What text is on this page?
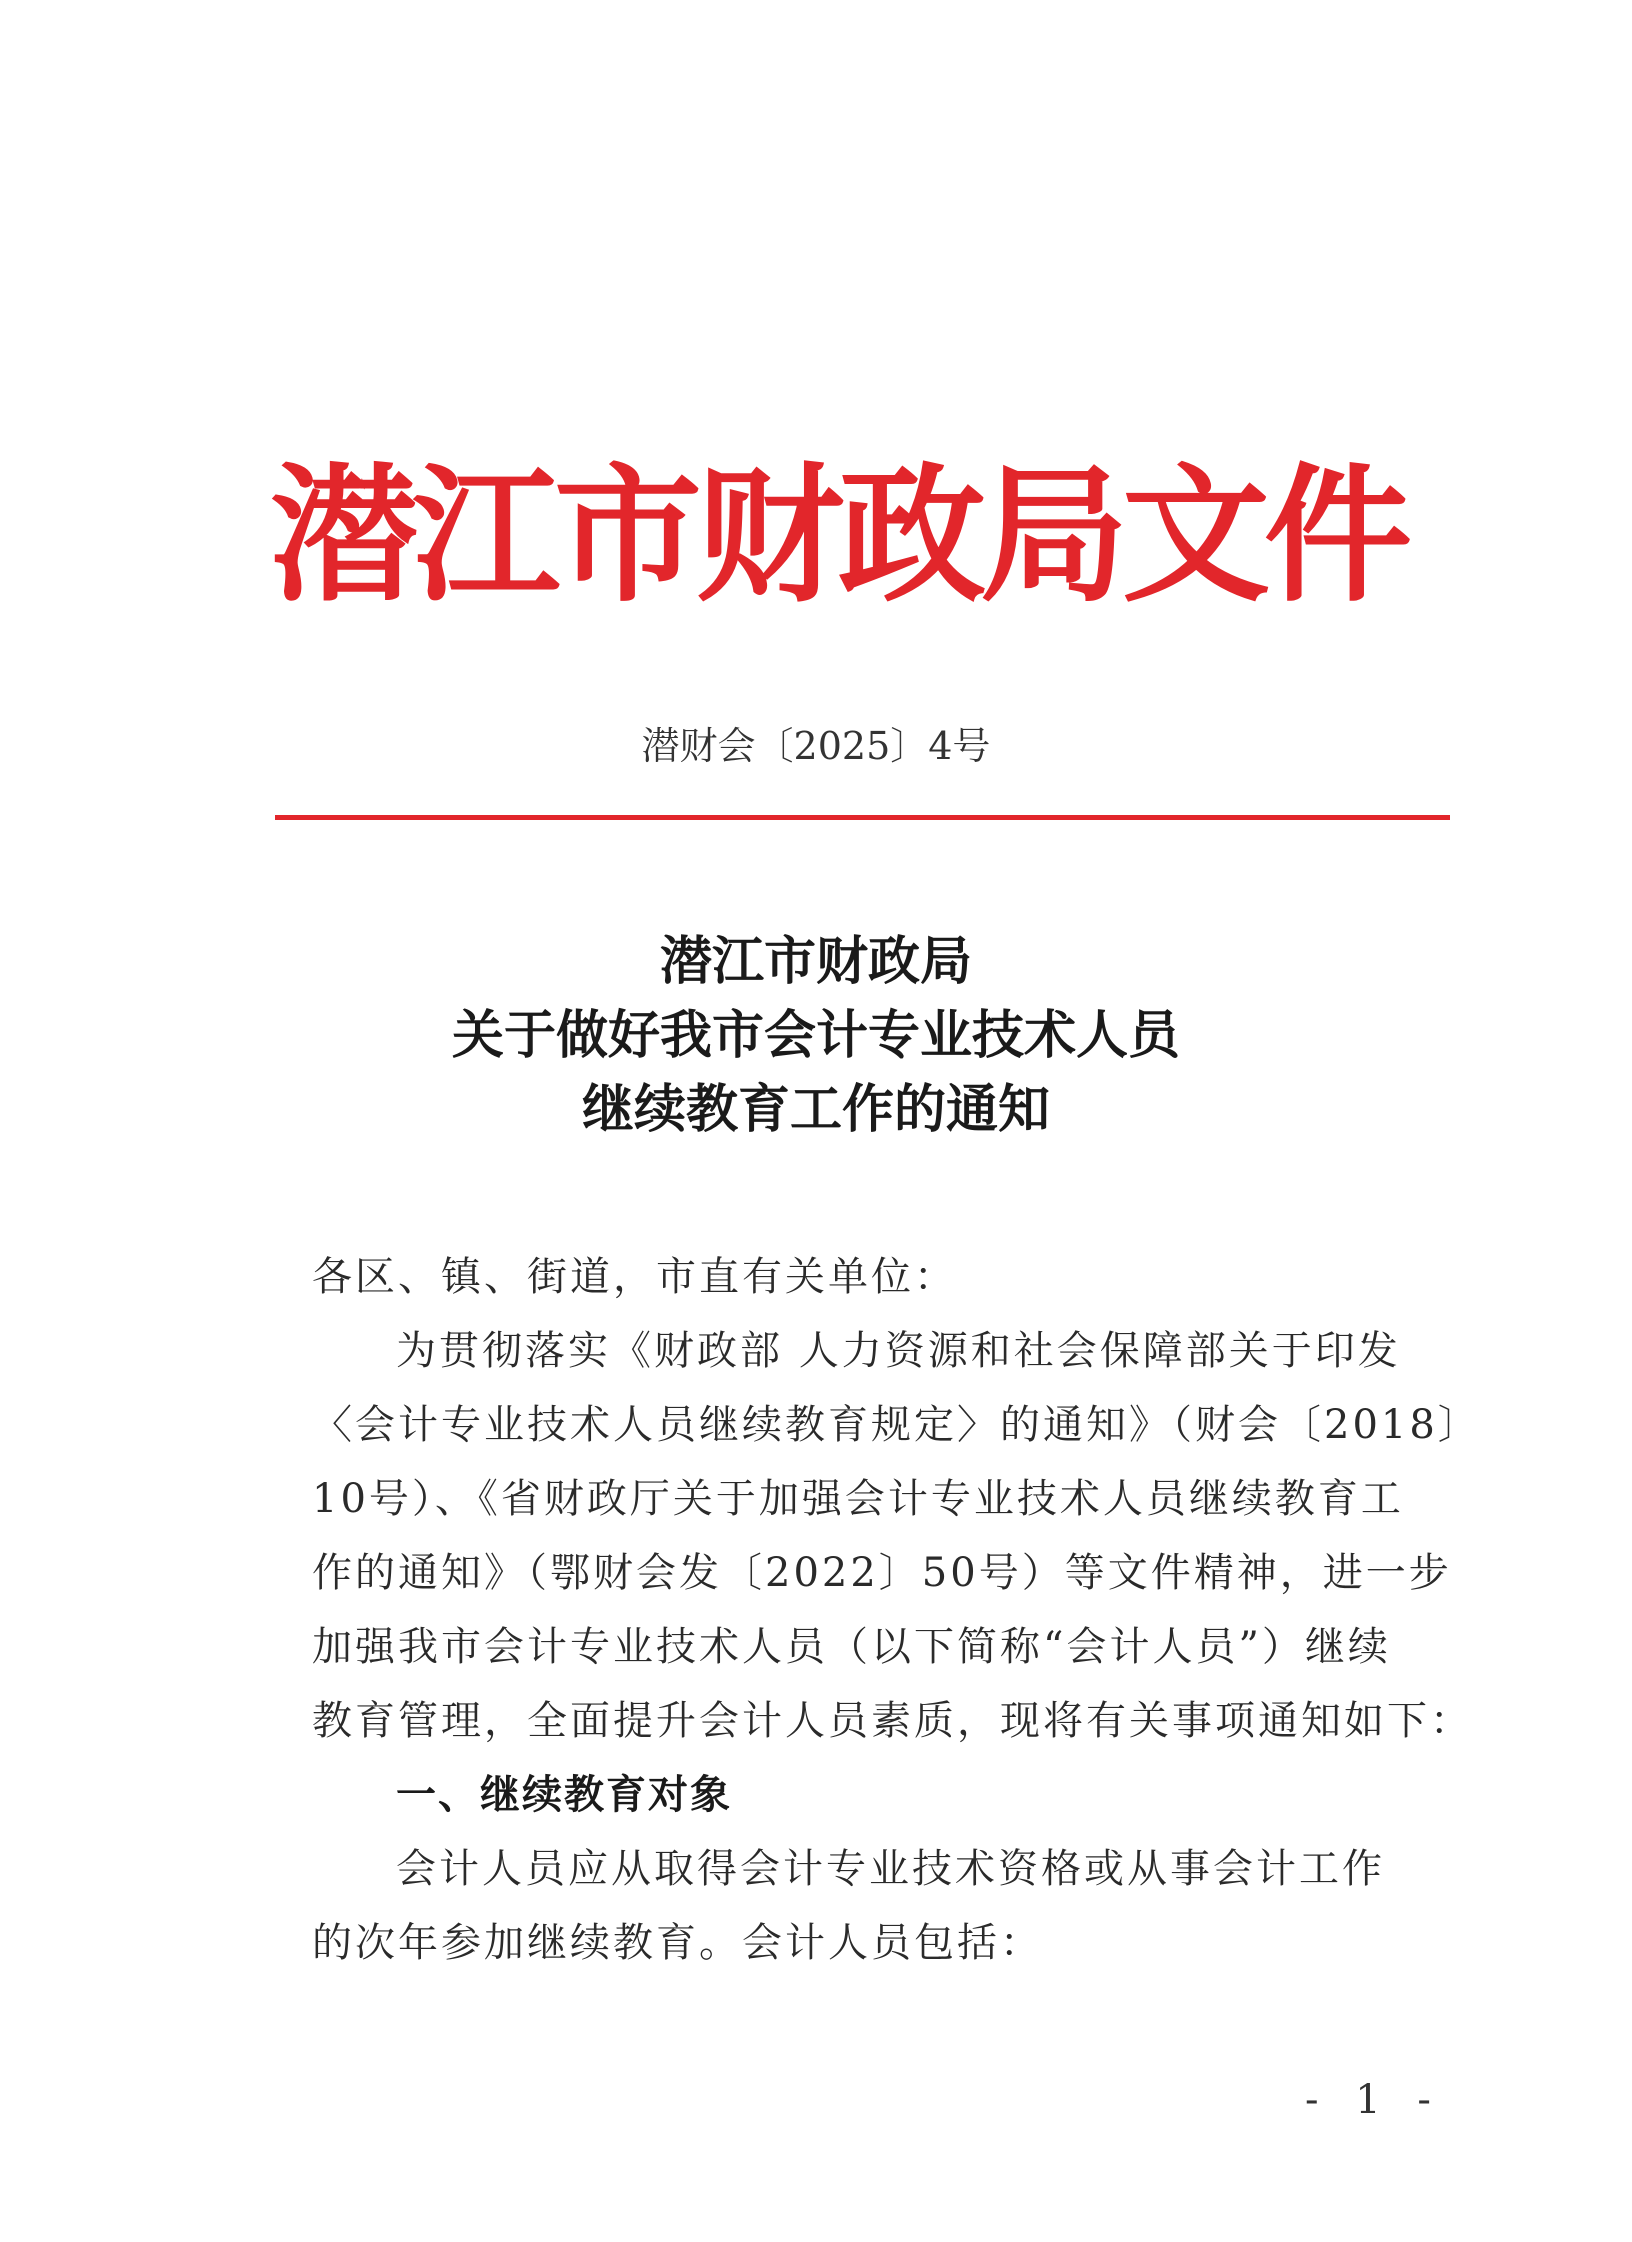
潜江市财政局文件
潜财会〔2025〕4号
潜江市财政局
关于做好我市会计专业技术人员
继续教育工作的通知
各区、镇、街道，市直有关单位：
为贯彻落实《财政部 人力资源和社会保障部关于印发
〈会计专业技术人员继续教育规定〉的通知》（财会〔2018〕
10号）、《省财政厅关于加强会计专业技术人员继续教育工
作的通知》（鄂财会发〔2022〕50号）等文件精神，进一步
加强我市会计专业技术人员（以下简称“会计人员”）继续
教育管理，全面提升会计人员素质，现将有关事项通知如下：
一、继续教育对象
会计人员应从取得会计专业技术资格或从事会计工作
的次年参加继续教育。会计人员包括：
- 1 -
